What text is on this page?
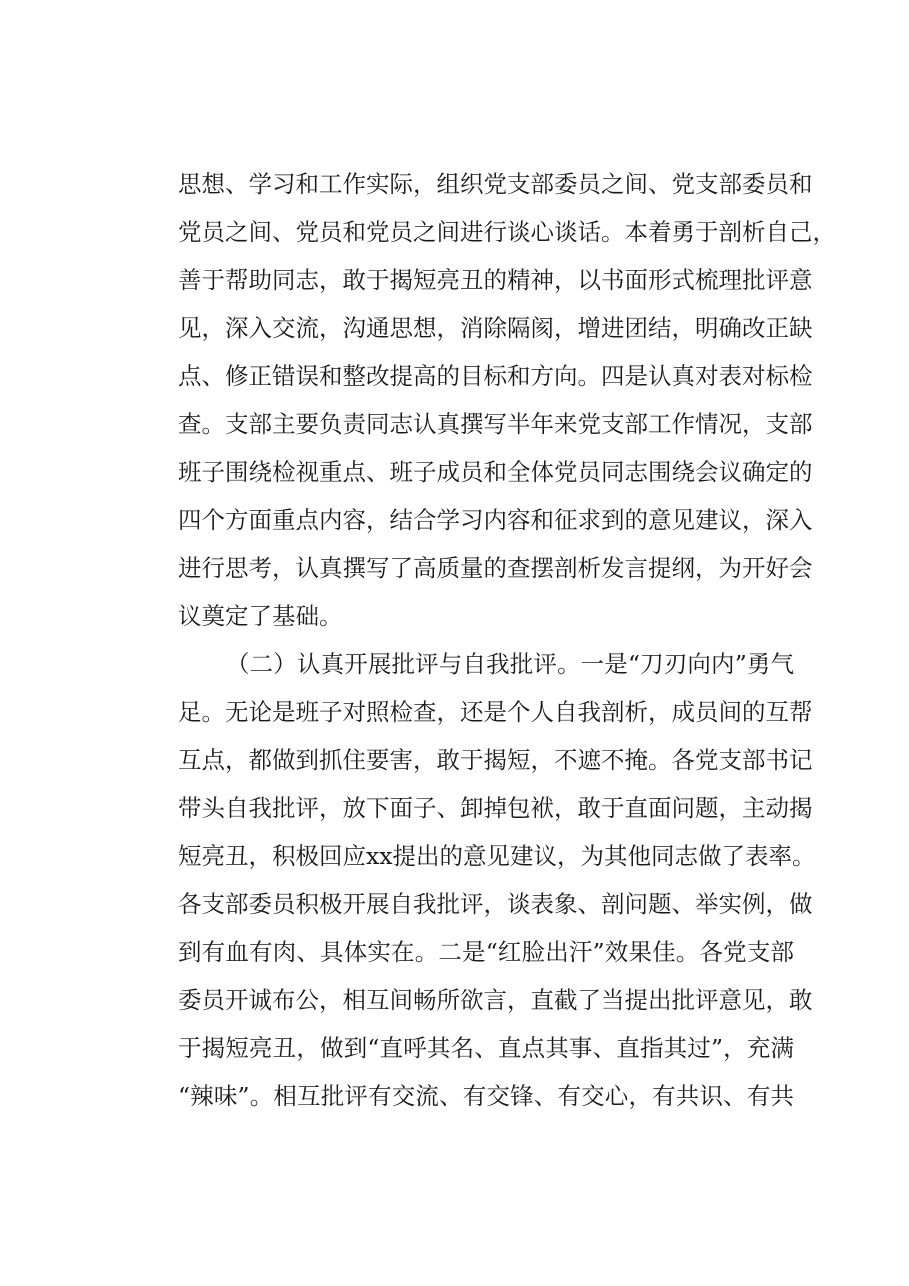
思想、学习和工作实际，组织党支部委员之间、党支部委员和
党员之间、党员和党员之间进行谈心谈话。本着勇于剖析自己，
善于帮助同志，敢于揭短亮丑的精神，以书面形式梳理批评意
见，深入交流，沟通思想，消除隔阂，增进团结，明确改正缺
点、修正错误和整改提高的目标和方向。四是认真对表对标检
查。支部主要负责同志认真撰写半年来党支部工作情况，支部
班子围绕检视重点、班子成员和全体党员同志围绕会议确定的
四个方面重点内容，结合学习内容和征求到的意见建议，深入
进行思考，认真撰写了高质量的查摆剖析发言提纲，为开好会
议奠定了基础。
（二）认真开展批评与自我批评。一是“刀刃向内”勇气
足。无论是班子对照检查，还是个人自我剖析，成员间的互帮
互点，都做到抓住要害，敢于揭短，不遮不掩。各党支部书记
带头自我批评，放下面子、卸掉包袱，敢于直面问题，主动揭
短亮丑，积极回应xx提出的意见建议，为其他同志做了表率。
各支部委员积极开展自我批评，谈表象、剖问题、举实例，做
到有血有肉、具体实在。二是“红脸出汗”效果佳。各党支部
委员开诚布公，相互间畅所欲言，直截了当提出批评意见，敢
于揭短亮丑，做到“直呼其名、直点其事、直指其过”，充满
“辣味”。相互批评有交流、有交锋、有交心，有共识、有共
